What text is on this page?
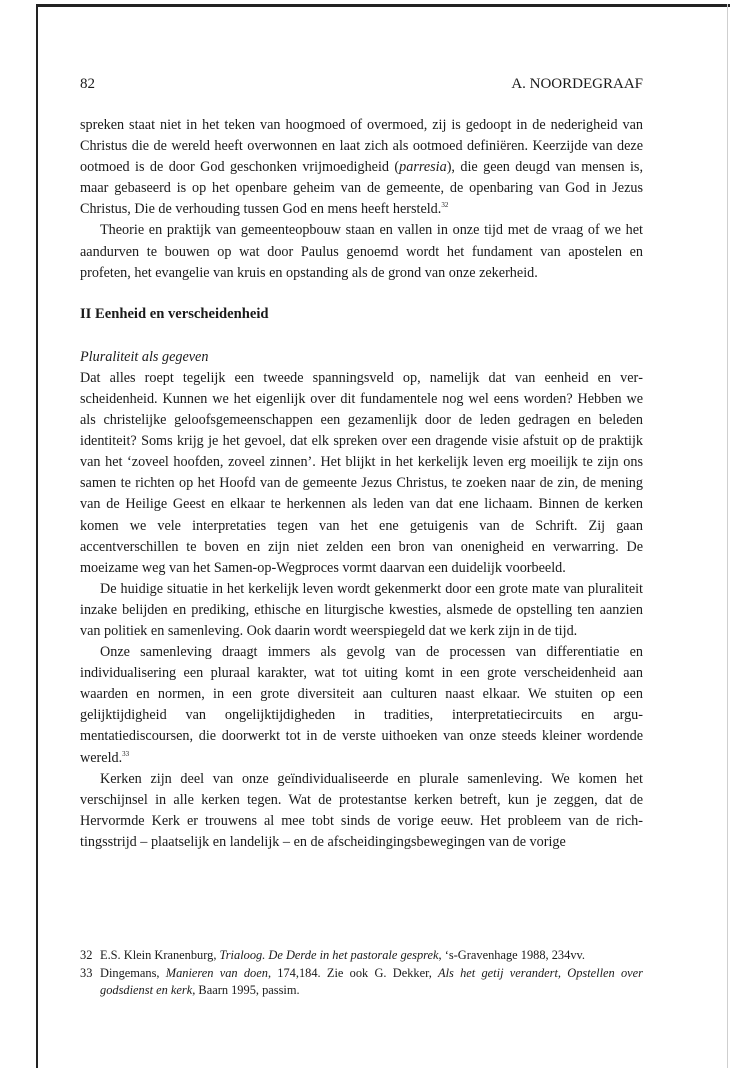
82	A. NOORDEGRAAF

spreken staat niet in het teken van hoogmoed of overmoed, zij is gedoopt in de nederigheid van Christus die de wereld heeft overwonnen en laat zich als ootmoed definiëren. Keerzijde van deze ootmoed is de door God geschonken vrijmoedigheid (parresia), die geen deugd van mensen is, maar gebaseerd is op het openbare geheim van de gemeente, de openbaring van God in Jezus Christus, Die de verhouding tussen God en mens heeft hersteld.$^{32}$

Theorie en praktijk van gemeenteopbouw staan en vallen in onze tijd met de vraag of we het aandurven te bouwen op wat door Paulus genoemd wordt het fundament van apostelen en profeten, het evangelie van kruis en opstanding als de grond van onze zekerheid.

II Eenheid en verscheidenheid
Pluraliteit als gegeven

Dat alles roept tegelijk een tweede spanningsveld op, namelijk dat van eenheid en verscheidenheid. Kunnen we het eigenlijk over dit fundamentele nog wel eens worden? Hebben we als christelijke geloofsgemeenschappen een gezamenlijk door de leden gedragen en beleden identiteit? Soms krijg je het gevoel, dat elk spreken over een dragende visie afstuit op de praktijk van het ‘zoveel hoofden, zoveel zinnen’. Het blijkt in het kerkelijk leven erg moeilijk te zijn ons samen te richten op het Hoofd van de gemeente Jezus Christus, te zoeken naar de zin, de mening van de Heilige Geest en elkaar te herkennen als leden van dat ene lichaam. Binnen de kerken komen we vele interpretaties tegen van het ene getuigenis van de Schrift. Zij gaan accentverschillen te boven en zijn niet zelden een bron van onenigheid en verwarring. De moeizame weg van het Samen-op-Wegproces vormt daarvan een duidelijk voorbeeld.

De huidige situatie in het kerkelijk leven wordt gekenmerkt door een grote mate van pluraliteit inzake belijden en prediking, ethische en liturgische kwesties, alsmede de opstelling ten aanzien van politiek en samenleving. Ook daarin wordt weerspiegeld dat we kerk zijn in de tijd.

Onze samenleving draagt immers als gevolg van de processen van differentiatie en individualisering een pluraal karakter, wat tot uiting komt in een grote verscheidenheid aan waarden en normen, in een grote diversiteit aan culturen naast elkaar. We stuiten op een gelijktijdigheid van ongelijktijdigheden in tradities, interpretatiecircuits en argumentatiediscoursen, die doorwerkt tot in de verste uithoeken van onze steeds kleiner wordende wereld.$^{33}$

Kerken zijn deel van onze geïndividualiseerde en plurale samenleving. We komen het verschijnsel in alle kerken tegen. Wat de protestantse kerken betreft, kun je zeggen, dat de Hervormde Kerk er trouwens al mee tobt sinds de vorige eeuw. Het probleem van de richtingsstrijd – plaatselijk en landelijk – en de afscheidingingsbewegingen van de vorige

32 E.S. Klein Kranenburg, Trialoog. De Derde in het pastorale gesprek, ‘s-Gravenhage 1988, 234vv.
33 Dingemans, Manieren van doen, 174,184. Zie ook G. Dekker, Als het getij verandert, Opstellen over godsdienst en kerk, Baarn 1995, passim.
